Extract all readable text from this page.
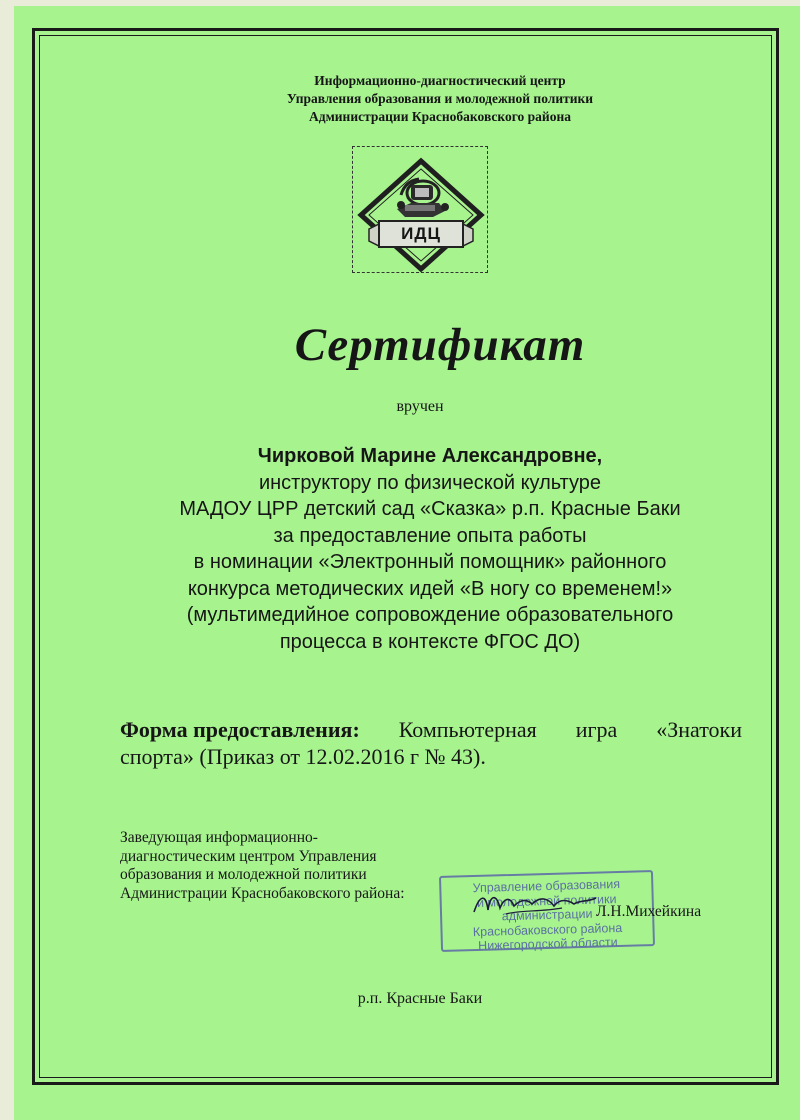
Информационно-диагностический центр
Управления образования и молодежной политики
Администрации Краснобаковского района
ИДЦ
Сертификат
вручен
Чирковой Марине Александровне,
инструктору по физической культуре
МАДОУ ЦРР детский сад «Сказка» р.п. Красные Баки
за предоставление опыта работы
в номинации «Электронный помощник» районного
конкурса методических идей «В ногу со временем!»
(мультимедийное сопровождение образовательного
процесса в контексте ФГОС ДО)
Форма предоставления: Компьютерная игра «Знатоки
спорта» (Приказ от 12.02.2016 г № 43).
Заведующая информационно-
диагностическим центром Управления
образования и молодежной политики
Администрации Краснобаковского района:	Управление образования
и молодежной политики
администрации
Краснобаковского района
Нижегородской области
Л.Н.Михейкина
р.п. Красные Баки
